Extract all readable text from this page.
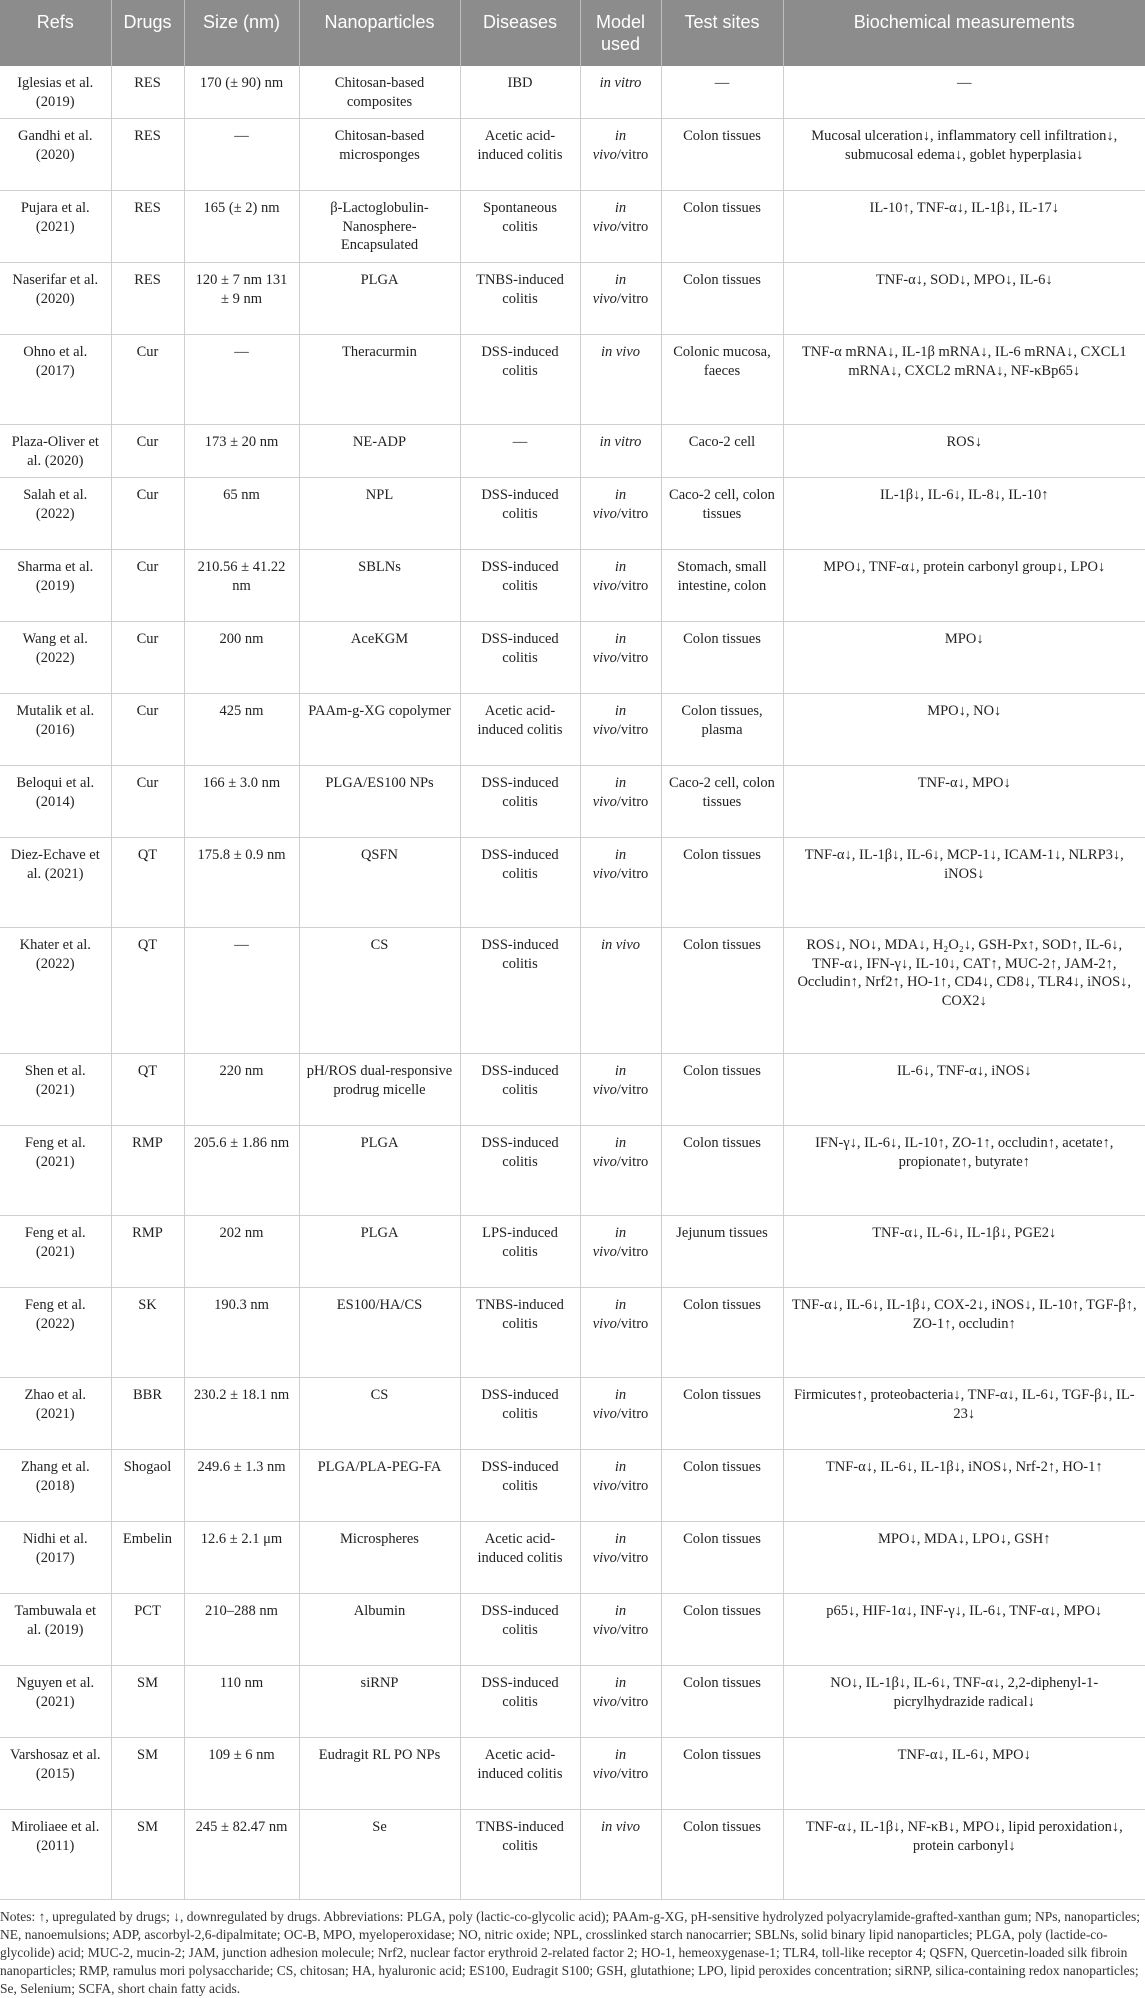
Refs	Drugs	Size (nm)	Nanoparticles	Diseases	Model used	Test sites	Biochemical measurements
Iglesias et al. (2019)	RES	170 (± 90) nm	Chitosan-based composites	IBD	in vitro	—	—
Gandhi et al. (2020)	RES	—	Chitosan-based microsponges	Acetic acid-induced colitis	in vivo/vitro	Colon tissues	Mucosal ulceration↓, inflammatory cell infiltration↓, submucosal edema↓, goblet hyperplasia↓
Pujara et al. (2021)	RES	165 (± 2) nm	β-Lactoglobulin-Nanosphere-Encapsulated	Spontaneous colitis	in vivo/vitro	Colon tissues	IL-10↑, TNF-α↓, IL-1β↓, IL-17↓
Naserifar et al. (2020)	RES	120 ± 7 nm 131 ± 9 nm	PLGA	TNBS-induced colitis	in vivo/vitro	Colon tissues	TNF-α↓, SOD↓, MPO↓, IL-6↓
Ohno et al. (2017)	Cur	—	Theracurmin	DSS-induced colitis	in vivo	Colonic mucosa, faeces	TNF-α mRNA↓, IL-1β mRNA↓, IL-6 mRNA↓, CXCL1 mRNA↓, CXCL2 mRNA↓, NF-κBp65↓
Plaza-Oliver et al. (2020)	Cur	173 ± 20 nm	NE-ADP	—	in vitro	Caco-2 cell	ROS↓
Salah et al. (2022)	Cur	65 nm	NPL	DSS-induced colitis	in vivo/vitro	Caco-2 cell, colon tissues	IL-1β↓, IL-6↓, IL-8↓, IL-10↑
Sharma et al. (2019)	Cur	210.56 ± 41.22 nm	SBLNs	DSS-induced colitis	in vivo/vitro	Stomach, small intestine, colon	MPO↓, TNF-α↓, protein carbonyl group↓, LPO↓
Wang et al. (2022)	Cur	200 nm	AceKGM	DSS-induced colitis	in vivo/vitro	Colon tissues	MPO↓
Mutalik et al. (2016)	Cur	425 nm	PAAm-g-XG copolymer	Acetic acid-induced colitis	in vivo/vitro	Colon tissues, plasma	MPO↓, NO↓
Beloqui et al. (2014)	Cur	166 ± 3.0 nm	PLGA/ES100 NPs	DSS-induced colitis	in vivo/vitro	Caco-2 cell, colon tissues	TNF-α↓, MPO↓
Diez-Echave et al. (2021)	QT	175.8 ± 0.9 nm	QSFN	DSS-induced colitis	in vivo/vitro	Colon tissues	TNF-α↓, IL-1β↓, IL-6↓, MCP-1↓, ICAM-1↓, NLRP3↓, iNOS↓
Khater et al. (2022)	QT	—	CS	DSS-induced colitis	in vivo	Colon tissues	ROS↓, NO↓, MDA↓, H₂O₂↓, GSH-Px↑, SOD↑, IL-6↓, TNF-α↓, IFN-γ↓, IL-10↓, CAT↑, MUC-2↑, JAM-2↑, Occludin↑, Nrf2↑, HO-1↑, CD4↓, CD8↓, TLR4↓, iNOS↓, COX2↓
Shen et al. (2021)	QT	220 nm	pH/ROS dual-responsive prodrug micelle	DSS-induced colitis	in vivo/vitro	Colon tissues	IL-6↓, TNF-α↓, iNOS↓
Feng et al. (2021)	RMP	205.6 ± 1.86 nm	PLGA	DSS-induced colitis	in vivo/vitro	Colon tissues	IFN-γ↓, IL-6↓, IL-10↑, ZO-1↑, occludin↑, acetate↑, propionate↑, butyrate↑
Feng et al. (2021)	RMP	202 nm	PLGA	LPS-induced colitis	in vivo/vitro	Jejunum tissues	TNF-α↓, IL-6↓, IL-1β↓, PGE2↓
Feng et al. (2022)	SK	190.3 nm	ES100/HA/CS	TNBS-induced colitis	in vivo/vitro	Colon tissues	TNF-α↓, IL-6↓, IL-1β↓, COX-2↓, iNOS↓, IL-10↑, TGF-β↑, ZO-1↑, occludin↑
Zhao et al. (2021)	BBR	230.2 ± 18.1 nm	CS	DSS-induced colitis	in vivo/vitro	Colon tissues	Firmicutes↑, proteobacteria↓, TNF-α↓, IL-6↓, TGF-β↓, IL-23↓
Zhang et al. (2018)	Shogaol	249.6 ± 1.3 nm	PLGA/PLA-PEG-FA	DSS-induced colitis	in vivo/vitro	Colon tissues	TNF-α↓, IL-6↓, IL-1β↓, iNOS↓, Nrf-2↑, HO-1↑
Nidhi et al. (2017)	Embelin	12.6 ± 2.1 μm	Microspheres	Acetic acid-induced colitis	in vivo/vitro	Colon tissues	MPO↓, MDA↓, LPO↓, GSH↑
Tambuwala et al. (2019)	PCT	210–288 nm	Albumin	DSS-induced colitis	in vivo/vitro	Colon tissues	p65↓, HIF-1α↓, INF-γ↓, IL-6↓, TNF-α↓, MPO↓
Nguyen et al. (2021)	SM	110 nm	siRNP	DSS-induced colitis	in vivo/vitro	Colon tissues	NO↓, IL-1β↓, IL-6↓, TNF-α↓, 2,2-diphenyl-1-picrylhydrazide radical↓
Varshosaz et al. (2015)	SM	109 ± 6 nm	Eudragit RL PO NPs	Acetic acid-induced colitis	in vivo/vitro	Colon tissues	TNF-α↓, IL-6↓, MPO↓
Miroliaee et al. (2011)	SM	245 ± 82.47 nm	Se	TNBS-induced colitis	in vivo	Colon tissues	TNF-α↓, IL-1β↓, NF-κB↓, MPO↓, lipid peroxidation↓, protein carbonyl↓

Notes: ↑, upregulated by drugs; ↓, downregulated by drugs. Abbreviations: PLGA, poly (lactic-co-glycolic acid); PAAm-g-XG, pH-sensitive hydrolyzed polyacrylamide-grafted-xanthan gum; NPs, nanoparticles; NE, nanoemulsions; ADP, ascorbyl-2,6-dipalmitate; OC-B, MPO, myeloperoxidase; NO, nitric oxide; NPL, crosslinked starch nanocarrier; SBLNs, solid binary lipid nanoparticles; PLGA, poly (lactide-co-glycolide) acid; MUC-2, mucin-2; JAM, junction adhesion molecule; Nrf2, nuclear factor erythroid 2-related factor 2; HO-1, hemeoxygenase-1; TLR4, toll-like receptor 4; QSFN, Quercetin-loaded silk fibroin nanoparticles; RMP, ramulus mori polysaccharide; CS, chitosan; HA, hyaluronic acid; ES100, Eudragit S100; GSH, glutathione; LPO, lipid peroxides concentration; siRNP, silica-containing redox nanoparticles; Se, Selenium; SCFA, short chain fatty acids.
